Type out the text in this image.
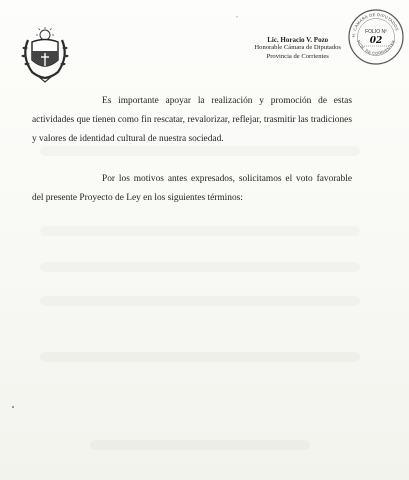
ʼ
Lic. Horacio V. Pozo
Honorable Cámara de Diputados
Provincia de Corrientes
H. CÁMARA DE DIPUTADOS
PCIA. DE CORRIENTES
FOLIO Nº
02
Es importante apoyar la realización y promoción de estas actividades que tienen como fin rescatar, revalorizar, reflejar, trasmitir las tradiciones y valores de identidad cultural de nuestra sociedad.
Por los motivos antes expresados, solicitamos el voto favorable del presente Proyecto de Ley en los siguientes términos:
